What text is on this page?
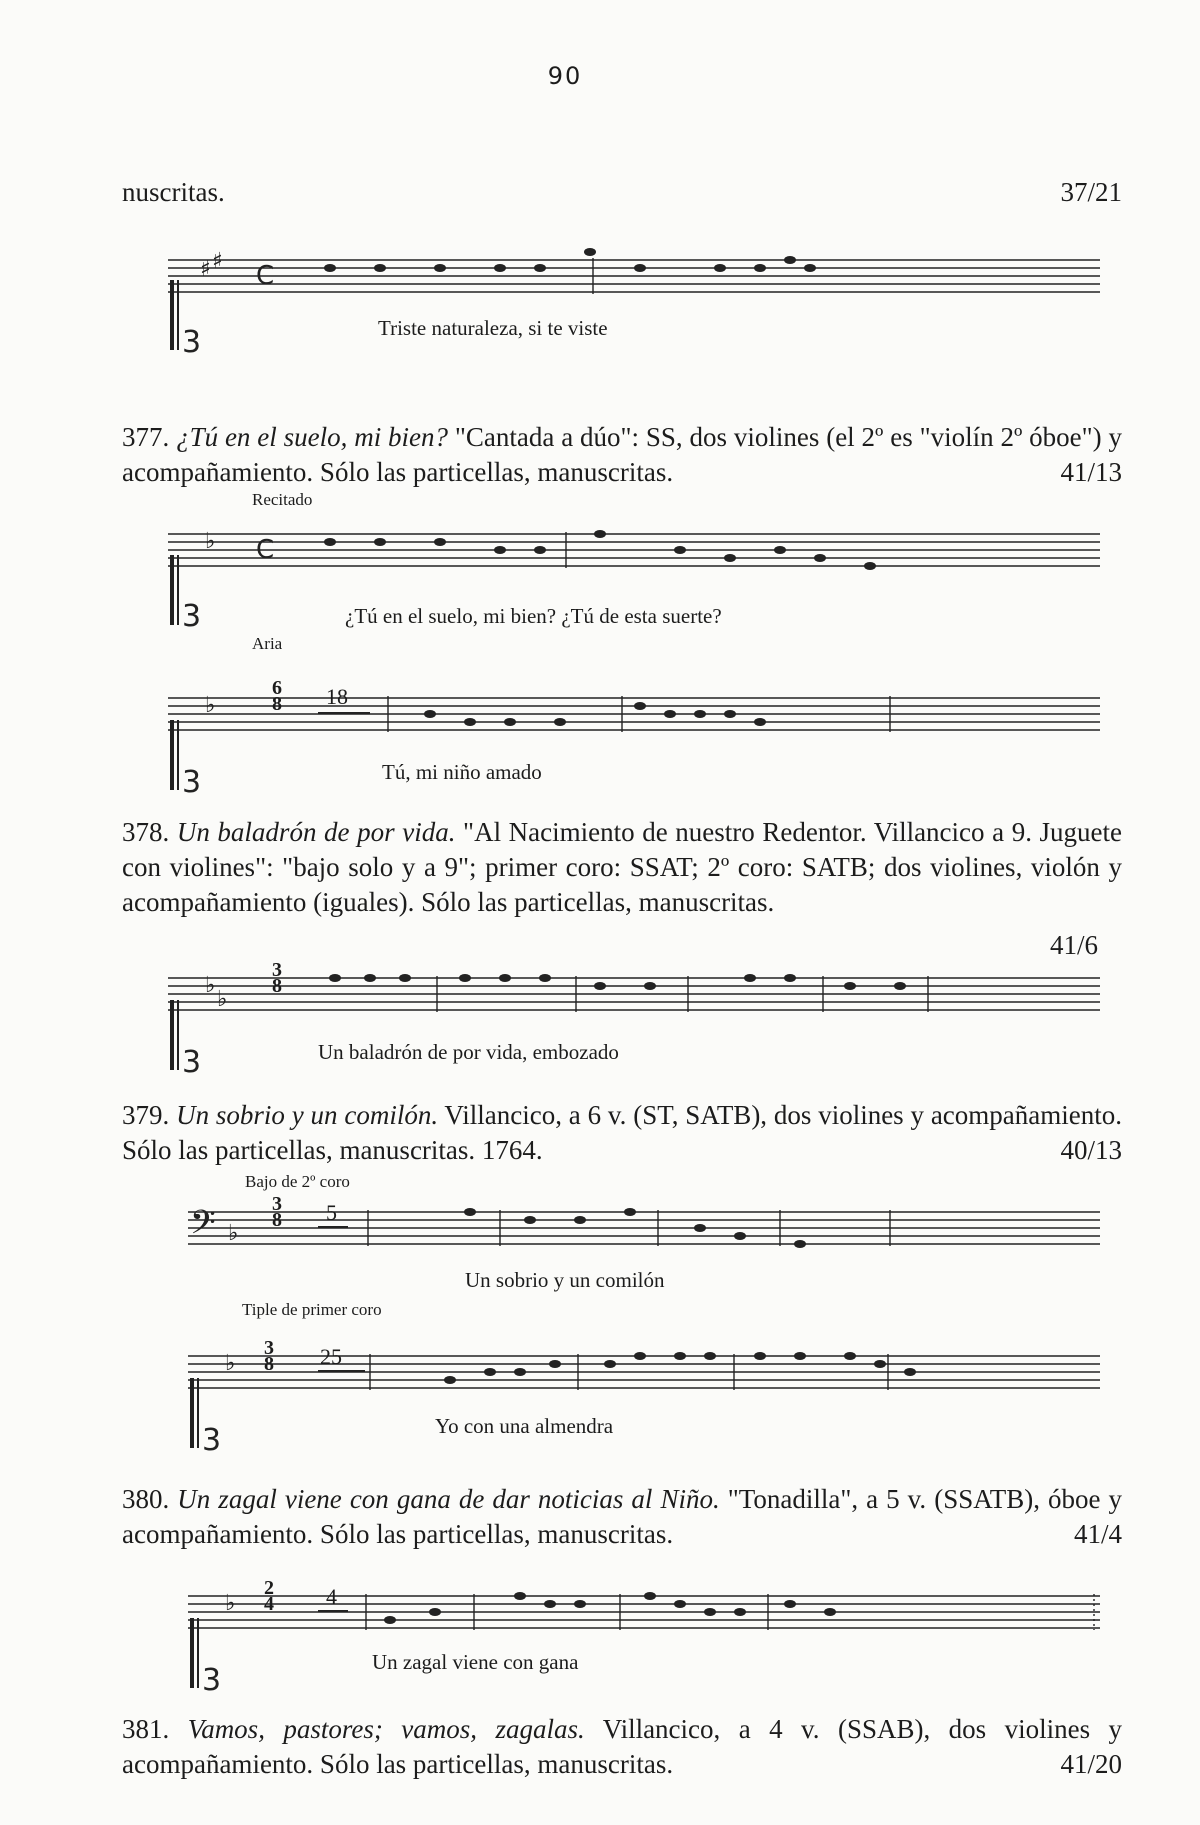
90
nuscritas.	37/21
3
3
3
3
3
3
𝄢
♯ ♯
♭
♭
♭
♭
♭
♭
♭
C
C
Triste naturaleza, si te viste
377. ¿Tú en el suelo, mi bien? "Cantada a dúo": SS, dos violines (el 2º es "violín 2º óboe") y acompañamiento. Sólo las particellas, manuscritas.	41/13
Recitado
¿Tú en el suelo, mi bien? ¿Tú de esta suerte?
Aria
6 8 18
Tú, mi niño amado
378. Un baladrón de por vida. "Al Nacimiento de nuestro Redentor. Villancico a 9. Juguete con violines": "bajo solo y a 9"; primer coro: SSAT; 2º coro: SATB; dos violines, violón y acompañamiento (iguales). Sólo las particellas, manuscritas.
41/6
3 8
Un baladrón de por vida, embozado
379. Un sobrio y un comilón. Villancico, a 6 v. (ST, SATB), dos violines y acompañamiento. Sólo las particellas, manuscritas. 1764.	40/13
Bajo de 2º coro
3 8 5
Un sobrio y un comilón
Tiple de primer coro
3 8 25
Yo con una almendra
380. Un zagal viene con gana de dar noticias al Niño. "Tonadilla", a 5 v. (SSATB), óboe y acompañamiento. Sólo las particellas, manuscritas.	41/4
2 4 4
Un zagal viene con gana
381. Vamos, pastores; vamos, zagalas. Villancico, a 4 v. (SSAB), dos violines y acompañamiento. Sólo las particellas, manuscritas.	41/20
